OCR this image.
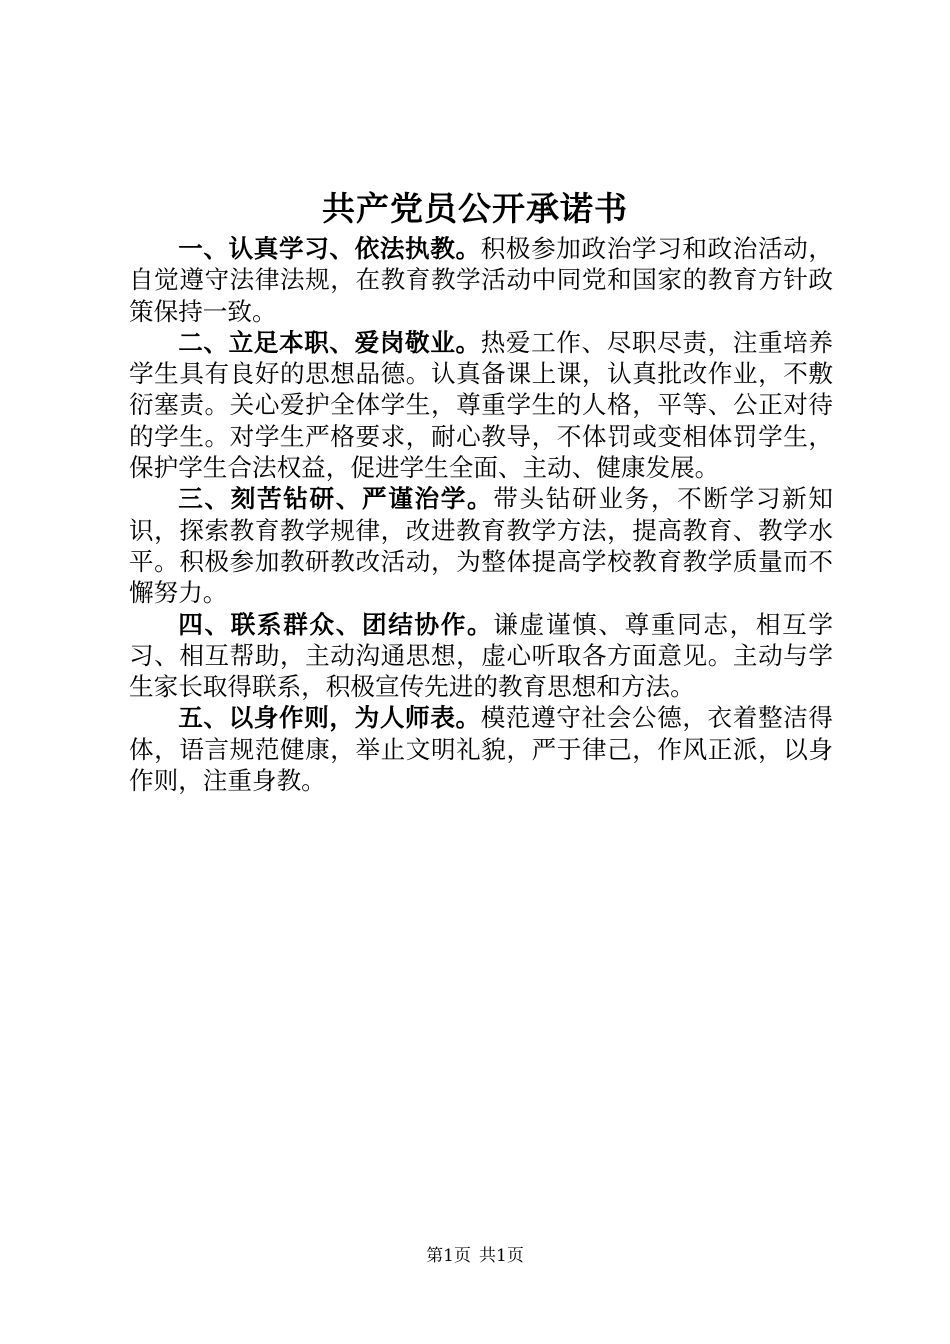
共产党员公开承诺书

一、认真学习、依法执教。积极参加政治学习和政治活动，自觉遵守法律法规，在教育教学活动中同党和国家的教育方针政策保持一致。

二、立足本职、爱岗敬业。热爱工作、尽职尽责，注重培养学生具有良好的思想品德。认真备课上课，认真批改作业，不敷衍塞责。关心爱护全体学生，尊重学生的人格，平等、公正对待的学生。对学生严格要求，耐心教导，不体罚或变相体罚学生，保护学生合法权益，促进学生全面、主动、健康发展。

三、刻苦钻研、严谨治学。带头钻研业务，不断学习新知识，探索教育教学规律，改进教育教学方法，提高教育、教学水平。积极参加教研教改活动，为整体提高学校教育教学质量而不懈努力。

四、联系群众、团结协作。谦虚谨慎、尊重同志，相互学习、相互帮助，主动沟通思想，虚心听取各方面意见。主动与学生家长取得联系，积极宣传先进的教育思想和方法。

五、以身作则，为人师表。模范遵守社会公德，衣着整洁得体，语言规范健康，举止文明礼貌，严于律己，作风正派，以身作则，注重身教。

第1页 共1页
